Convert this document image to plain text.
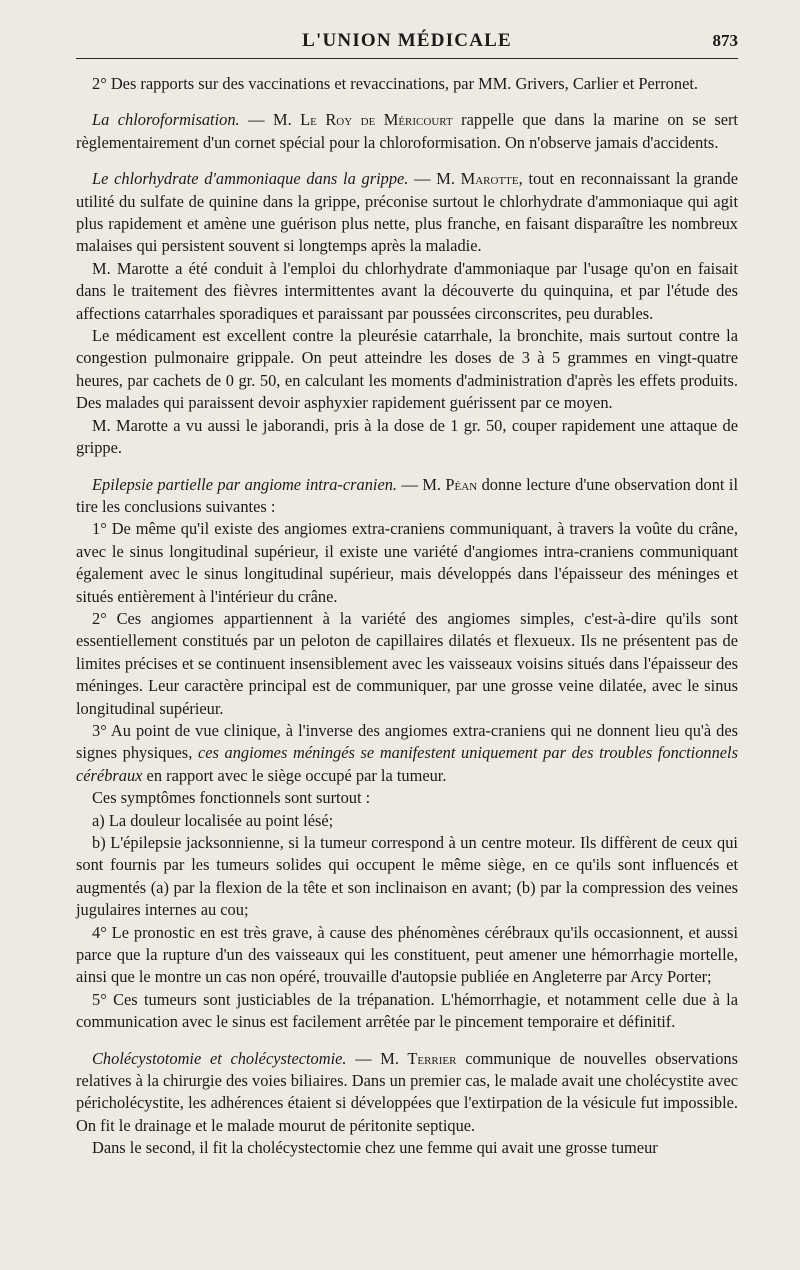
L'UNION MÉDICALE	873

2° Des rapports sur des vaccinations et revaccinations, par MM. Grivers, Carlier et Perronet.

La chloroformisation. — M. Le Roy de Méricourt rappelle que dans la marine on se sert règlementairement d'un cornet spécial pour la chloroformisation. On n'observe jamais d'accidents.

Le chlorhydrate d'ammoniaque dans la grippe. — M. Marotte, tout en reconnaissant la grande utilité du sulfate de quinine dans la grippe, préconise surtout le chlorhydrate d'ammoniaque qui agit plus rapidement et amène une guérison plus nette, plus franche, en faisant disparaître les nombreux malaises qui persistent souvent si longtemps après la maladie.

M. Marotte a été conduit à l'emploi du chlorhydrate d'ammoniaque par l'usage qu'on en faisait dans le traitement des fièvres intermittentes avant la découverte du quinquina, et par l'étude des affections catarrhales sporadiques et paraissant par poussées circonscrites, peu durables.

Le médicament est excellent contre la pleurésie catarrhale, la bronchite, mais surtout contre la congestion pulmonaire grippale. On peut atteindre les doses de 3 à 5 grammes en vingt-quatre heures, par cachets de 0 gr. 50, en calculant les moments d'administration d'après les effets produits. Des malades qui paraissent devoir asphyxier rapidement guérissent par ce moyen.

M. Marotte a vu aussi le jaborandi, pris à la dose de 1 gr. 50, couper rapidement une attaque de grippe.

Epilepsie partielle par angiome intra-cranien. — M. Péan donne lecture d'une observation dont il tire les conclusions suivantes :

1° De même qu'il existe des angiomes extra-craniens communiquant, à travers la voûte du crâne, avec le sinus longitudinal supérieur, il existe une variété d'angiomes intra-craniens communiquant également avec le sinus longitudinal supérieur, mais développés dans l'épaisseur des méninges et situés entièrement à l'intérieur du crâne.

2° Ces angiomes appartiennent à la variété des angiomes simples, c'est-à-dire qu'ils sont essentiellement constitués par un peloton de capillaires dilatés et flexueux. Ils ne présentent pas de limites précises et se continuent insensiblement avec les vaisseaux voisins situés dans l'épaisseur des méninges. Leur caractère principal est de communiquer, par une grosse veine dilatée, avec le sinus longitudinal supérieur.

3° Au point de vue clinique, à l'inverse des angiomes extra-craniens qui ne donnent lieu qu'à des signes physiques, ces angiomes méningés se manifestent uniquement par des troubles fonctionnels cérébraux en rapport avec le siège occupé par la tumeur.

Ces symptômes fonctionnels sont surtout :

a) La douleur localisée au point lésé;

b) L'épilepsie jacksonnienne, si la tumeur correspond à un centre moteur. Ils diffèrent de ceux qui sont fournis par les tumeurs solides qui occupent le même siège, en ce qu'ils sont influencés et augmentés (a) par la flexion de la tête et son inclinaison en avant; (b) par la compression des veines jugulaires internes au cou;

4° Le pronostic en est très grave, à cause des phénomènes cérébraux qu'ils occasionnent, et aussi parce que la rupture d'un des vaisseaux qui les constituent, peut amener une hémorrhagie mortelle, ainsi que le montre un cas non opéré, trouvaille d'autopsie publiée en Angleterre par Arcy Porter;

5° Ces tumeurs sont justiciables de la trépanation. L'hémorrhagie, et notamment celle due à la communication avec le sinus est facilement arrêtée par le pincement temporaire et définitif.

Cholécystotomie et cholécystectomie. — M. Terrier communique de nouvelles observations relatives à la chirurgie des voies biliaires. Dans un premier cas, le malade avait une cholécystite avec péricholécystite, les adhérences étaient si développées que l'extirpation de la vésicule fut impossible. On fit le drainage et le malade mourut de péritonite septique.

Dans le second, il fit la cholécystectomie chez une femme qui avait une grosse tumeur
